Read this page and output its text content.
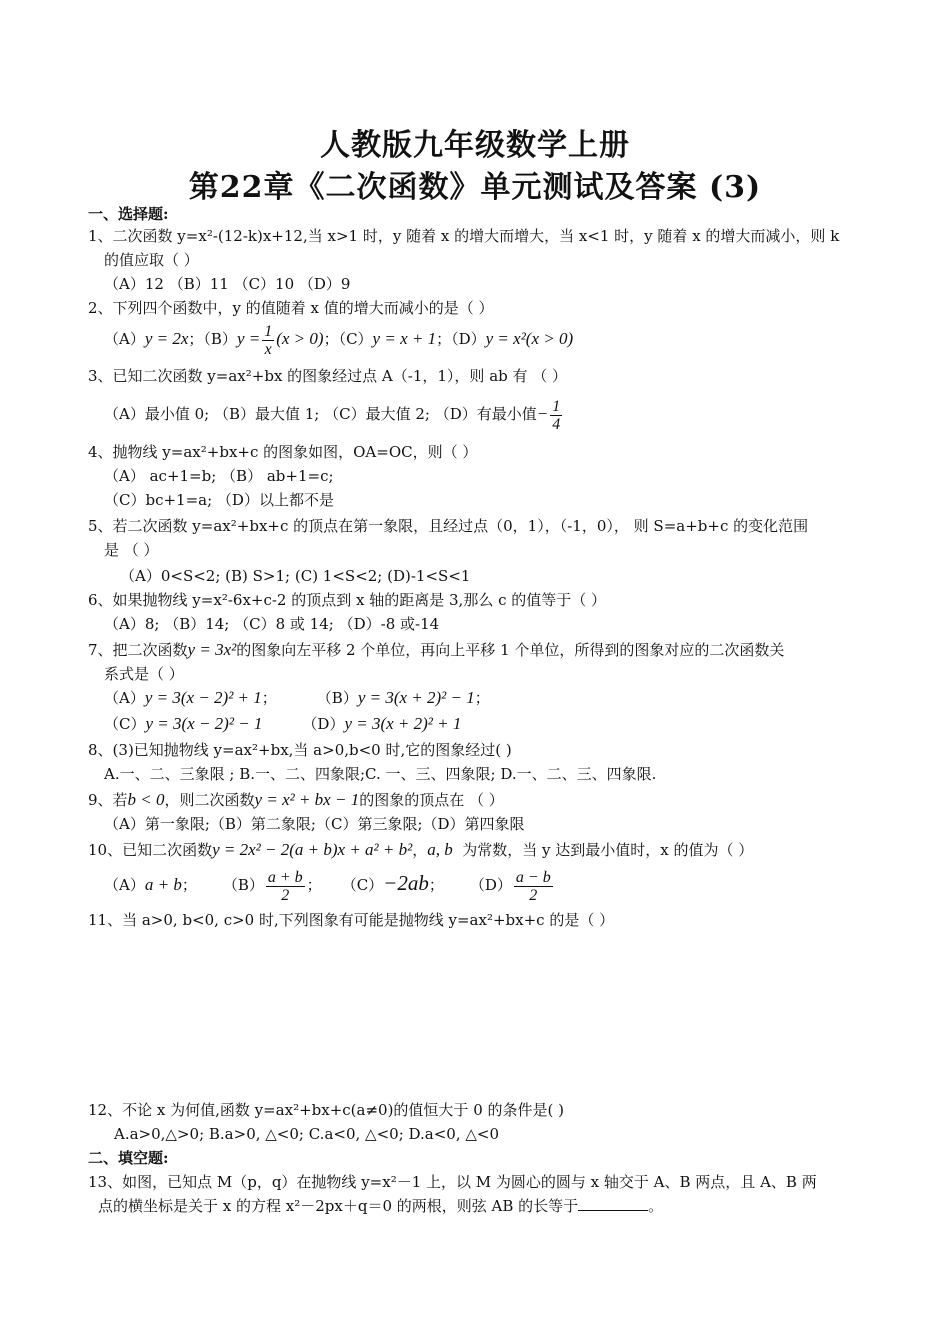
人教版九年级数学上册
第22章《二次函数》单元测试及答案 (3)
一、选择题:
1、二次函数 y=x²-(12-k)x+12,当 x>1 时，y 随着 x 的增大而增大，当 x<1 时，y 随着 x 的增大而减小，则 k
的值应取（ ）
（A）12 （B）11 （C）10 （D）9
2、下列四个函数中，y 的值随着 x 值的增大而减小的是（ ）
（A）y = 2x；$(B)y = \frac{1}{x} (x > 0)$；（C）y = x + 1；（D）y = x²(x > 0)
3、已知二次函数 y=ax²+bx 的图象经过点 A（-1，1），则 ab 有 （ ）
（A）最小值 0; （B）最大值 1; （C）最大值 2; （D）有最小值− $\frac{1}{4}$
4、抛物线 y=ax²+bx+c 的图象如图，OA=OC，则（ ）
（A） ac+1=b; （B） ab+1=c;
（C）bc+1=a; （D）以上都不是
5、若二次函数 y=ax²+bx+c 的顶点在第一象限，且经过点（0，1），（-1，0）， 则 S=a+b+c 的变化范围
是 （ ）
（A）0<S<2; (B) S>1; (C) 1<S<2; (D)-1<S<1
6、如果抛物线 y=x²-6x+c-2 的顶点到 x 轴的距离是 3,那么 c 的值等于（ ）
（A）8; （B）14; （C）8 或 14; （D）-8 或-14
7、把二次函数y = 3x²的图象向左平移 2 个单位，再向上平移 1 个单位，所得到的图象对应的二次函数关
系式是（ ）
（A）y = 3(x − 2)² + 1；	（B）y = 3(x + 2)² − 1；
（C）y = 3(x − 2)² − 1	（D）y = 3(x + 2)² + 1
8、(3)已知抛物线 y=ax²+bx,当 a>0,b<0 时,它的图象经过( )
A.一、二、三象限 ; B.一、二、四象限;C. 一、三、四象限; D.一、二、三、四象限.
9、若b < 0，则二次函数y = x² + bx − 1的图象的顶点在 （ ）
（A）第一象限;（B）第二象限;（C）第三象限;（D）第四象限
10、已知二次函数y = 2x² − 2(a + b)x + a² + b²，a, b 为常数，当 y 达到最小值时，x 的值为（ ）
（A）a + b； $(B) \frac{a + b}{2}$ ； （C）−2ab； $(D) \frac{a - b}{2}$
11、当 a>0, b<0, c>0 时,下列图象有可能是抛物线 y=ax²+bx+c 的是（ ）
12、不论 x 为何值,函数 y=ax²+bx+c(a≠0)的值恒大于 0 的条件是( )
A.a>0,△>0; B.a>0, △<0; C.a<0, △<0; D.a<0, △<0
二、填空题:
13、如图，已知点 M（p，q）在抛物线 y=x²－1 上，以 M 为圆心的圆与 x 轴交于 A、B 两点，且 A、B 两
点的横坐标是关于 x 的方程 x²－2px＋q＝0 的两根，则弦 AB 的长等于	。
